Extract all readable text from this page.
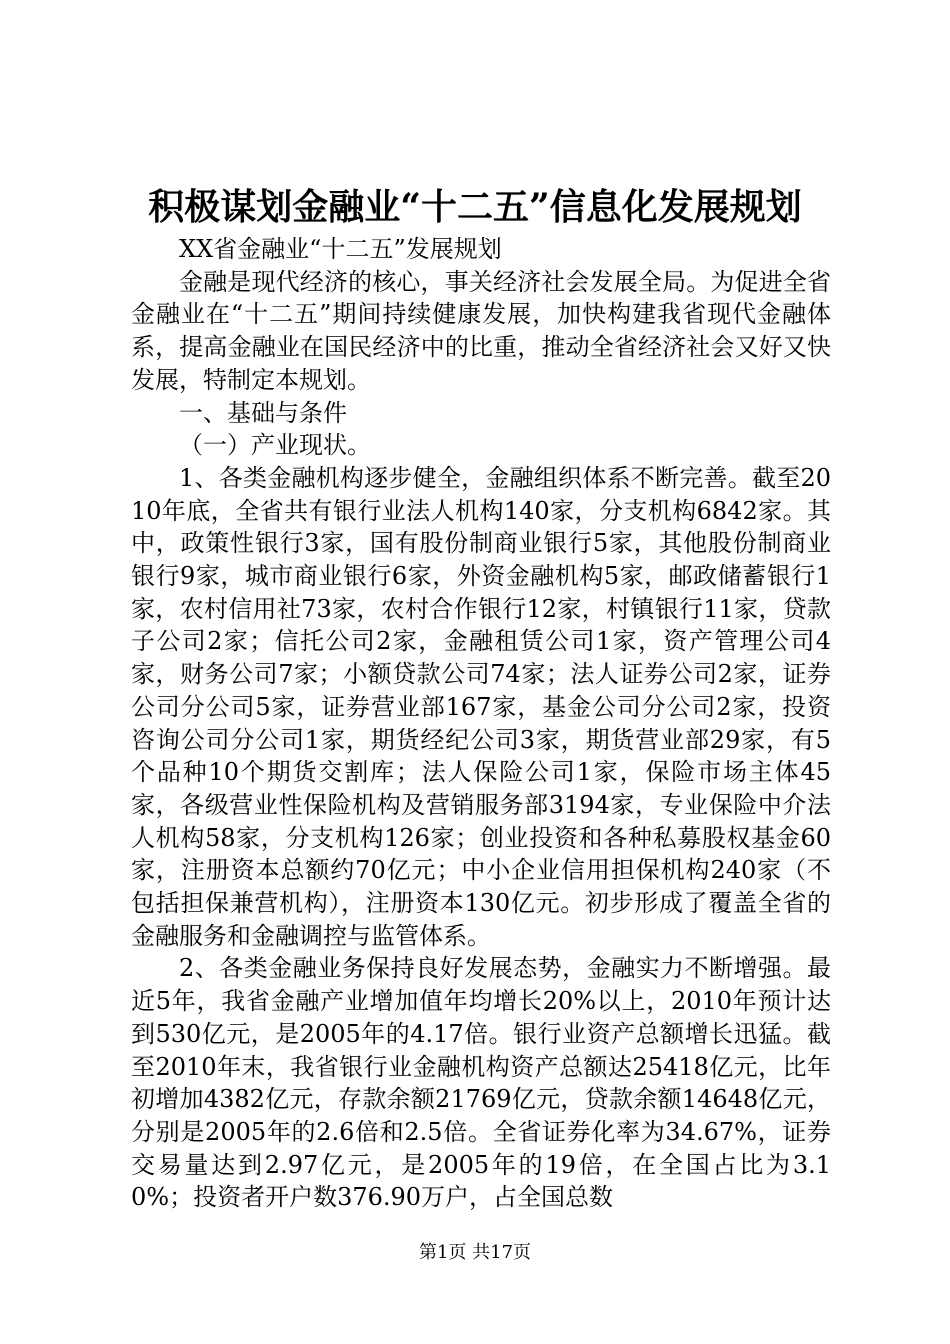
积极谋划金融业“十二五”信息化发展规划

XX省金融业“十二五”发展规划

金融是现代经济的核心，事关经济社会发展全局。为促进全省金融业在“十二五”期间持续健康发展，加快构建我省现代金融体系，提高金融业在国民经济中的比重，推动全省经济社会又好又快发展，特制定本规划。

一、基础与条件

（一）产业现状。

1、各类金融机构逐步健全，金融组织体系不断完善。截至2010年底，全省共有银行业法人机构140家，分支机构6842家。其中，政策性银行3家，国有股份制商业银行5家，其他股份制商业银行9家，城市商业银行6家，外资金融机构5家，邮政储蓄银行1家，农村信用社73家，农村合作银行12家，村镇银行11家，贷款子公司2家；信托公司2家，金融租赁公司1家，资产管理公司4家，财务公司7家；小额贷款公司74家；法人证券公司2家，证券公司分公司5家，证券营业部167家，基金公司分公司2家，投资咨询公司分公司1家，期货经纪公司3家，期货营业部29家，有5个品种10个期货交割库；法人保险公司1家，保险市场主体45家，各级营业性保险机构及营销服务部3194家，专业保险中介法人机构58家，分支机构126家；创业投资和各种私募股权基金60家，注册资本总额约70亿元；中小企业信用担保机构240家（不包括担保兼营机构），注册资本130亿元。初步形成了覆盖全省的金融服务和金融调控与监管体系。

2、各类金融业务保持良好发展态势，金融实力不断增强。最近5年，我省金融产业增加值年均增长20%以上，2010年预计达到530亿元，是2005年的4.17倍。银行业资产总额增长迅猛。截至2010年末，我省银行业金融机构资产总额达25418亿元，比年初增加4382亿元，存款余额21769亿元，贷款余额14648亿元，分别是2005年的2.6倍和2.5倍。全省证券化率为34.67%，证券交易量达到2.97亿元，是2005年的19倍，在全国占比为3.10%；投资者开户数376.90万户，占全国总数

第1页 共17页
